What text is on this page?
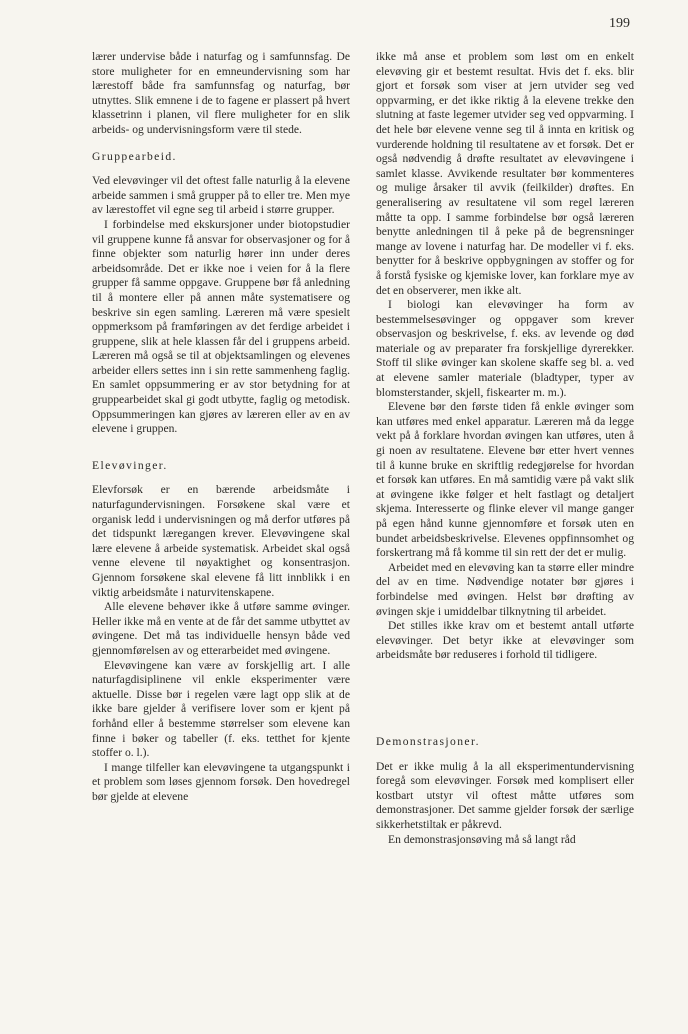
199

lærer undervise både i naturfag og i samfunnsfag. De store muligheter for en emneundervisning som har lærestoff både fra samfunnsfag og naturfag, bør utnyttes. Slik emnene i de to fagene er plassert på hvert klassetrinn i planen, vil flere muligheter for en slik arbeids- og undervisningsform være til stede.

Gruppearbeid.

Ved elevøvinger vil det oftest falle naturlig å la elevene arbeide sammen i små grupper på to eller tre. Men mye av lærestoffet vil egne seg til arbeid i større grupper.

I forbindelse med ekskursjoner under biotopstudier vil gruppene kunne få ansvar for observasjoner og for å finne objekter som naturlig hører inn under deres arbeidsområde. Det er ikke noe i veien for å la flere grupper få samme oppgave. Gruppene bør få anledning til å montere eller på annen måte systematisere og beskrive sin egen samling. Læreren må være spesielt oppmerksom på framføringen av det ferdige arbeidet i gruppene, slik at hele klassen får del i gruppens arbeid. Læreren må også se til at objektsamlingen og elevenes arbeider ellers settes inn i sin rette sammenheng faglig. En samlet oppsummering er av stor betydning for at gruppearbeidet skal gi godt utbytte, faglig og metodisk. Oppsummeringen kan gjøres av læreren eller av en av elevene i gruppen.

Elevøvinger.

Elevforsøk er en bærende arbeidsmåte i naturfagundervisningen. Forsøkene skal være et organisk ledd i undervisningen og må derfor utføres på det tidspunkt læregangen krever. Elevøvingene skal lære elevene å arbeide systematisk. Arbeidet skal også venne elevene til nøyaktighet og konsentrasjon. Gjennom forsøkene skal elevene få litt innblikk i en viktig arbeidsmåte i naturvitenskapene.

Alle elevene behøver ikke å utføre samme øvinger. Heller ikke må en vente at de får det samme utbyttet av øvingene. Det må tas individuelle hensyn både ved gjennomførelsen av og etterarbeidet med øvingene.

Elevøvingene kan være av forskjellig art. I alle naturfagdisiplinene vil enkle eksperimenter være aktuelle. Disse bør i regelen være lagt opp slik at de ikke bare gjelder å verifisere lover som er kjent på forhånd eller å bestemme størrelser som elevene kan finne i bøker og tabeller (f. eks. tetthet for kjente stoffer o. l.).

I mange tilfeller kan elevøvingene ta utgangspunkt i et problem som løses gjennom forsøk. Den hovedregel bør gjelde at elevene

ikke må anse et problem som løst om en enkelt elevøving gir et bestemt resultat. Hvis det f. eks. blir gjort et forsøk som viser at jern utvider seg ved oppvarming, er det ikke riktig å la elevene trekke den slutning at faste legemer utvider seg ved oppvarming. I det hele bør elevene venne seg til å innta en kritisk og vurderende holdning til resultatene av et forsøk. Det er også nødvendig å drøfte resultatet av elevøvingene i samlet klasse. Avvikende resultater bør kommenteres og mulige årsaker til avvik (feilkilder) drøftes. En generalisering av resultatene vil som regel læreren måtte ta opp. I samme forbindelse bør også læreren benytte anledningen til å peke på de begrensninger mange av lovene i naturfag har. De modeller vi f. eks. benytter for å beskrive oppbygningen av stoffer og for å forstå fysiske og kjemiske lover, kan forklare mye av det en observerer, men ikke alt.

I biologi kan elevøvinger ha form av bestemmelsesøvinger og oppgaver som krever observasjon og beskrivelse, f. eks. av levende og død materiale og av preparater fra forskjellige dyrerekker. Stoff til slike øvinger kan skolene skaffe seg bl. a. ved at elevene samler materiale (bladtyper, typer av blomsterstander, skjell, fiskearter m. m.).

Elevene bør den første tiden få enkle øvinger som kan utføres med enkel apparatur. Læreren må da legge vekt på å forklare hvordan øvingen kan utføres, uten å gi noen av resultatene. Elevene bør etter hvert vennes til å kunne bruke en skriftlig redegjørelse for hvordan et forsøk kan utføres. En må samtidig være på vakt slik at øvingene ikke følger et helt fastlagt og detaljert skjema. Interesserte og flinke elever vil mange ganger på egen hånd kunne gjennomføre et forsøk uten en bundet arbeidsbeskrivelse. Elevenes oppfinnsomhet og forskertrang må få komme til sin rett der det er mulig.

Arbeidet med en elevøving kan ta større eller mindre del av en time. Nødvendige notater bør gjøres i forbindelse med øvingen. Helst bør drøfting av øvingen skje i umiddelbar tilknytning til arbeidet.

Det stilles ikke krav om et bestemt antall utførte elevøvinger. Det betyr ikke at elevøvinger som arbeidsmåte bør reduseres i forhold til tidligere.

Demonstrasjoner.

Det er ikke mulig å la all eksperimentundervisning foregå som elevøvinger. Forsøk med komplisert eller kostbart utstyr vil oftest måtte utføres som demonstrasjoner. Det samme gjelder forsøk der særlige sikkerhetstiltak er påkrevd.

En demonstrasjonsøving må så langt råd
